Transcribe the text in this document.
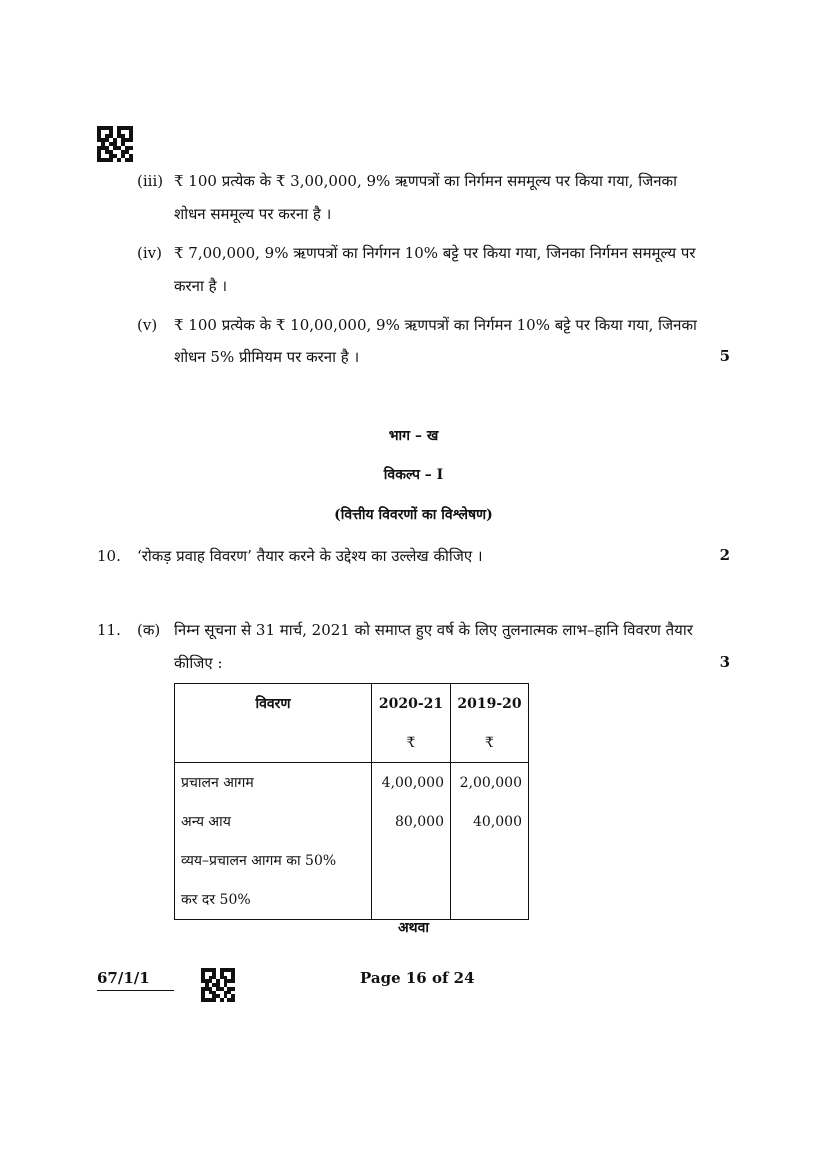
(iii) ₹ 100 प्रत्येक के ₹ 3,00,000, 9% ऋणपत्रों का निर्गमन सममूल्य पर किया गया, जिनका
शोधन सममूल्य पर करना है ।
(iv) ₹ 7,00,000, 9% ऋणपत्रों का निर्गगन 10% बट्टे पर किया गया, जिनका निर्गमन सममूल्य पर
करना है ।
(v) ₹ 100 प्रत्येक के ₹ 10,00,000, 9% ऋणपत्रों का निर्गमन 10% बट्टे पर किया गया, जिनका
शोधन 5% प्रीमियम पर करना है ।	5
भाग – ख
विकल्प – I
(वित्तीय विवरणों का विश्लेषण)
10. ‘रोकड़ प्रवाह विवरण’ तैयार करने के उद्देश्य का उल्लेख कीजिए ।	2
11. (क) निम्न सूचना से 31 मार्च, 2021 को समाप्त हुए वर्ष के लिए तुलनात्मक लाभ–हानि विवरण तैयार
कीजिए :	3
विवरण	2020-21	2019-20
	₹	₹
प्रचालन आगम	4,00,000	2,00,000
अन्य आय	80,000	40,000
व्यय–प्रचालन आगम का 50%		
कर दर 50%		
अथवा
67/1/1	Page 16 of 24
